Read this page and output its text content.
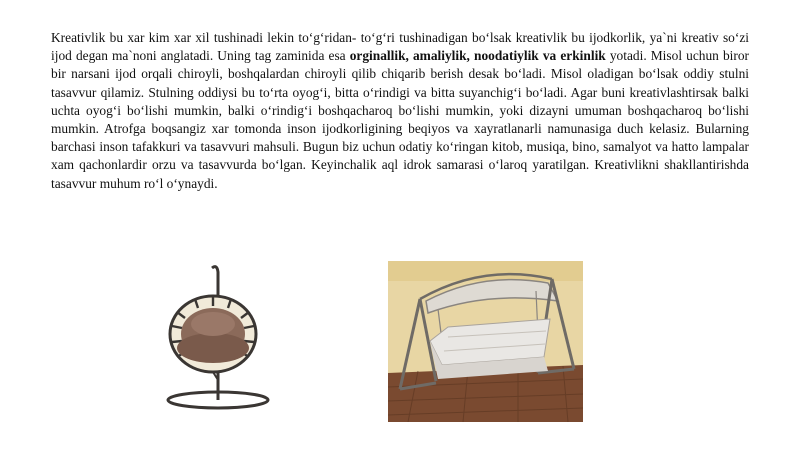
Kreativlik bu xar kim xar xil tushinadi lekin to‘g‘ridan- to‘g‘ri tushinadigan bo‘lsak kreativlik bu ijodkorlik, ya`ni kreativ so‘zi ijod degan ma`noni anglatadi. Uning tag zaminida esa orginallik, amaliylik, noodatiylik va erkinlik yotadi. Misol uchun biror bir narsani ijod orqali chiroyli, boshqalardan chiroyli qilib chiqarib berish desak bo‘ladi. Misol oladigan bo‘lsak oddiy stulni tasavvur qilamiz. Stulning oddiysi bu to‘rta oyog‘i, bitta o‘rindigi va bitta suyanchig‘i bo‘ladi. Agar buni kreativlashtirsak balki uchta oyog‘i bo‘lishi mumkin, balki o‘rindig‘i boshqacharoq bo‘lishi mumkin, yoki dizayni umuman boshqacharoq bo‘lishi mumkin. Atrofga boqsangiz xar tomonda inson ijodkorligining beqiyos va xayratlanarli namunasiga duch kelasiz. Bularning barchasi inson tafakkuri va tasavvuri mahsuli. Bugun biz uchun odatiy ko‘ringan kitob, musiqa, bino, samalyot va hatto lampalar xam qachonlardir orzu va tasavvurda bo‘lgan. Keyinchalik aql idrok samarasi o‘laroq yaratilgan. Kreativlikni shakllantirishda tasavvur muhum ro‘l o‘ynaydi.
